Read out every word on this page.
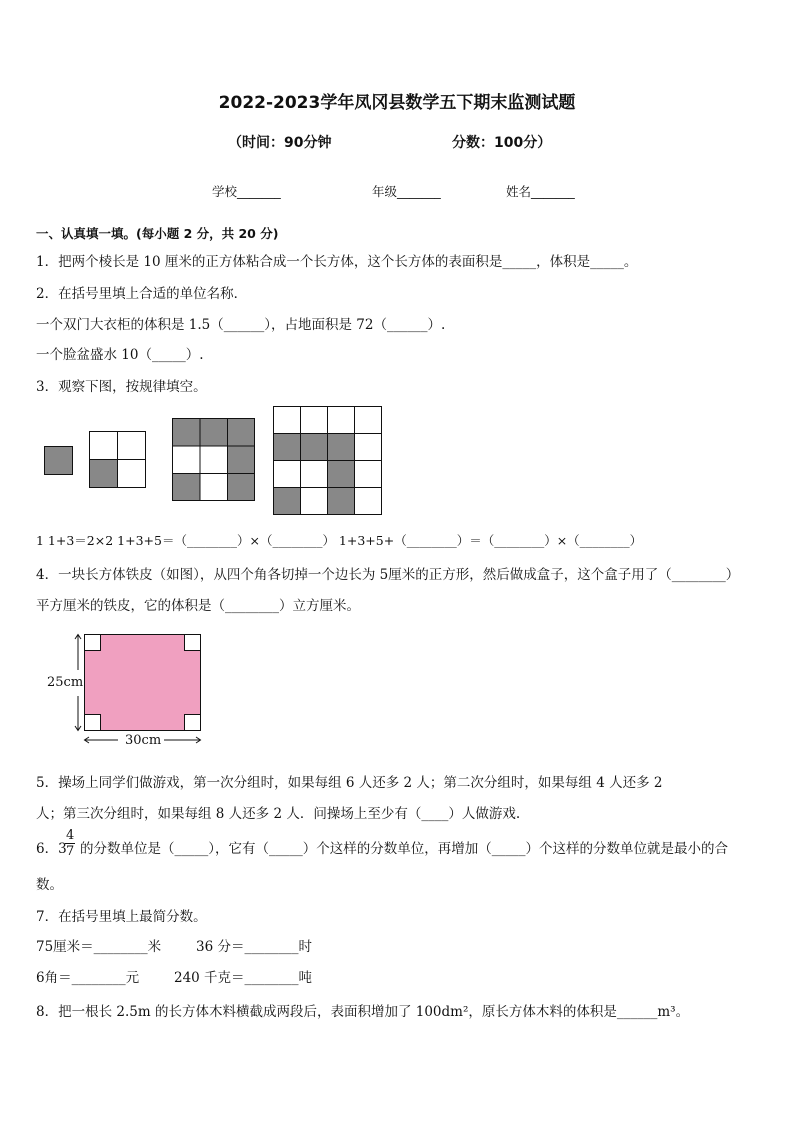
2022-2023学年凤冈县数学五下期末监测试题
（时间：90分钟	分数：100分）
学校_______	年级_______	姓名_______
一、认真填一填。(每小题 2 分，共 20 分)
1．把两个棱长是 10 厘米的正方体粘合成一个长方体，这个长方体的表面积是_____，体积是_____。
2．在括号里填上合适的单位名称．
一个双门大衣柜的体积是 1.5（______），占地面积是 72（______）.
一个脸盆盛水 10（_____）.
3．观察下图，按规律填空。
1 1+3＝2×2 1+3+5＝（________）×（________） 1+3+5+（________）＝（________）×（________）
4．一块长方体铁皮（如图），从四个角各切掉一个边长为 5厘米的正方形，然后做成盒子，这个盒子用了（________）
平方厘米的铁皮，它的体积是（________）立方厘米。
25cm
30cm
5．操场上同学们做游戏，第一次分组时，如果每组 6 人还多 2 人；第二次分组时，如果每组 4 人还多 2
人；第三次分组时，如果每组 8 人还多 2 人．问操场上至少有（____）人做游戏.
6．3
$\frac{4}{7}$ 的分数单位是（_____），它有（_____）个这样的分数单位，再增加（_____）个这样的分数单位就是最小的合
数。
7．在括号里填上最简分数。
75厘米＝________米	36 分＝________时
6角＝________元	240 千克＝________吨
8．把一根长 2.5m 的长方体木料横截成两段后，表面积增加了 100dm²，原长方体木料的体积是______m³。
